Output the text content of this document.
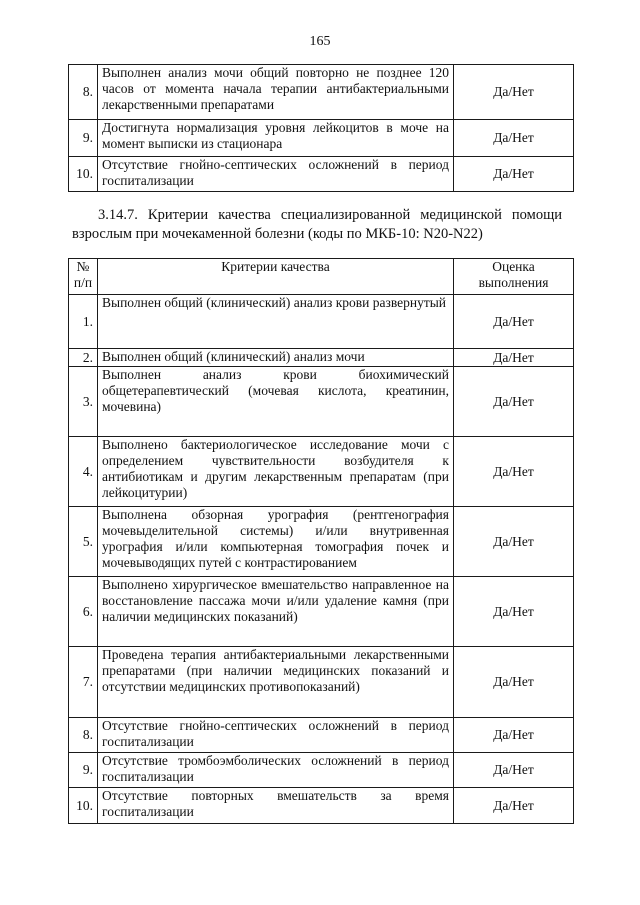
165
8.	Выполнен анализ мочи общий повторно не позднее 120 часов от момента начала терапии антибактериальными лекарственными препаратами	Да/Нет
9.	Достигнута нормализация уровня лейкоцитов в моче на момент выписки из стационара	Да/Нет
10.	Отсутствие гнойно-септических осложнений в период госпитализации	Да/Нет
3.14.7. Критерии качества специализированной медицинской помощи взрослым при мочекаменной болезни (коды по МКБ-10: N20-N22)
№ п/п	Критерии качества	Оценка выполнения
1.	Выполнен общий (клинический) анализ крови развернутый	Да/Нет
2.	Выполнен общий (клинический) анализ мочи	Да/Нет
3.	Выполнен анализ крови биохимический общетерапевтический (мочевая кислота, креатинин, мочевина)	Да/Нет
4.	Выполнено бактериологическое исследование мочи с определением чувствительности возбудителя к антибиотикам и другим лекарственным препаратам (при лейкоцитурии)	Да/Нет
5.	Выполнена обзорная урография (рентгенография мочевыделительной системы) и/или внутривенная урография и/или компьютерная томография почек и мочевыводящих путей с контрастированием	Да/Нет
6.	Выполнено хирургическое вмешательство направленное на восстановление пассажа мочи и/или удаление камня (при наличии медицинских показаний)	Да/Нет
7.	Проведена терапия антибактериальными лекарственными препаратами (при наличии медицинских показаний и отсутствии медицинских противопоказаний)	Да/Нет
8.	Отсутствие гнойно-септических осложнений в период госпитализации	Да/Нет
9.	Отсутствие тромбоэмболических осложнений в период госпитализации	Да/Нет
10.	Отсутствие повторных вмешательств за время госпитализации	Да/Нет
